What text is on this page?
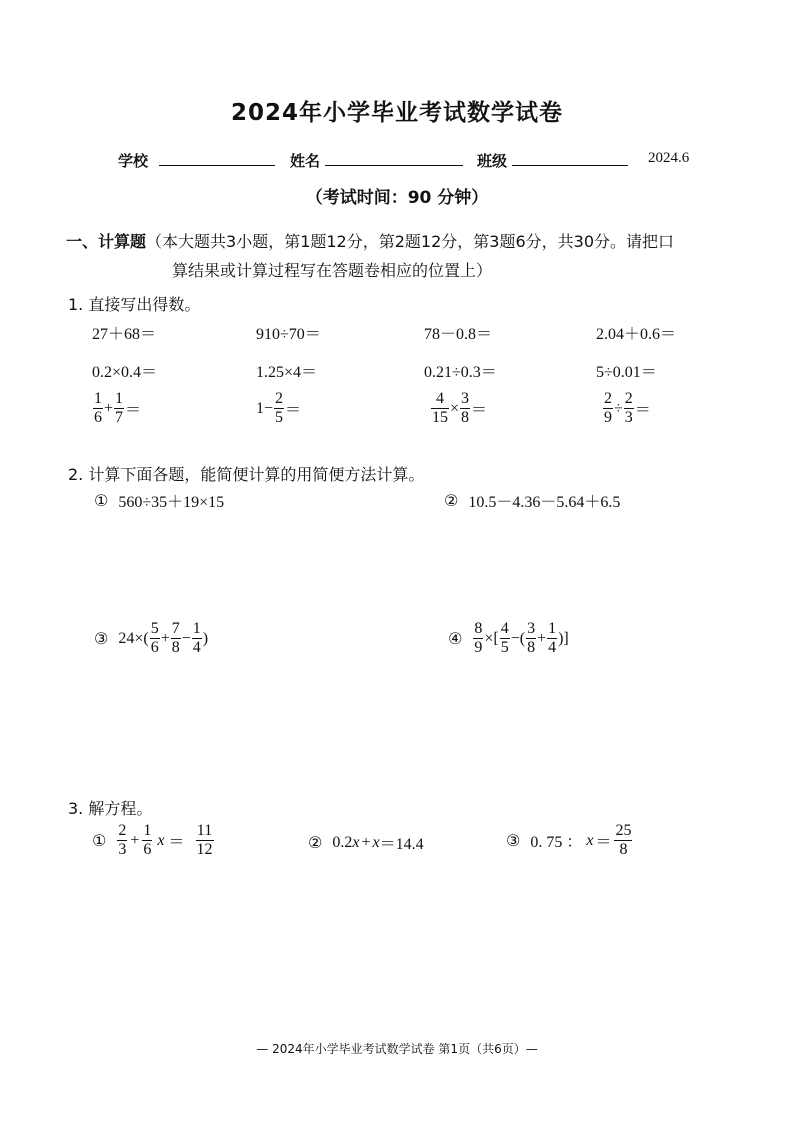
2024年小学毕业考试数学试卷
学校	姓名	班级	2024.6
（考试时间：90 分钟）
一、计算题（本大题共3小题，第1题12分，第2题12分，第3题6分，共30分。请把口
算结果或计算过程写在答题卷相应的位置上）
1. 直接写出得数。
27＋68＝	910÷70＝	78－0.8＝	2.04＋0.6＝
0.2×0.4＝	1.25×4＝	0.21÷0.3＝	5÷0.01＝
$\frac{1}{6} + \frac{1}{7}$ ＝	$1- \frac{2}{5}$ ＝	$\frac{4}{15} \times \frac{3}{8}$ ＝	$\frac{2}{9} \div \frac{2}{3}$ ＝
2. 计算下面各题，能简便计算的用简便方法计算。
① 560÷35＋19×15	② 10.5－4.36－5.64＋6.5
③ $24\times( \frac{5}{6} + \frac{7}{8} - \frac{1}{4}$ )	④ $\frac{8}{9}$ ×[ $\frac{4}{5}$ −( $\frac{3}{8} + \frac{1}{4}$ )]
3. 解方程。
① $\frac{2}{3} + \frac{1}{6}$ $x = \frac{11}{12}$	② 0.2 x + x ＝14.4	③ 0. 75 ： $x = \frac{25}{8}$
— 2024年小学毕业考试数学试卷 第1页（共6页）—
